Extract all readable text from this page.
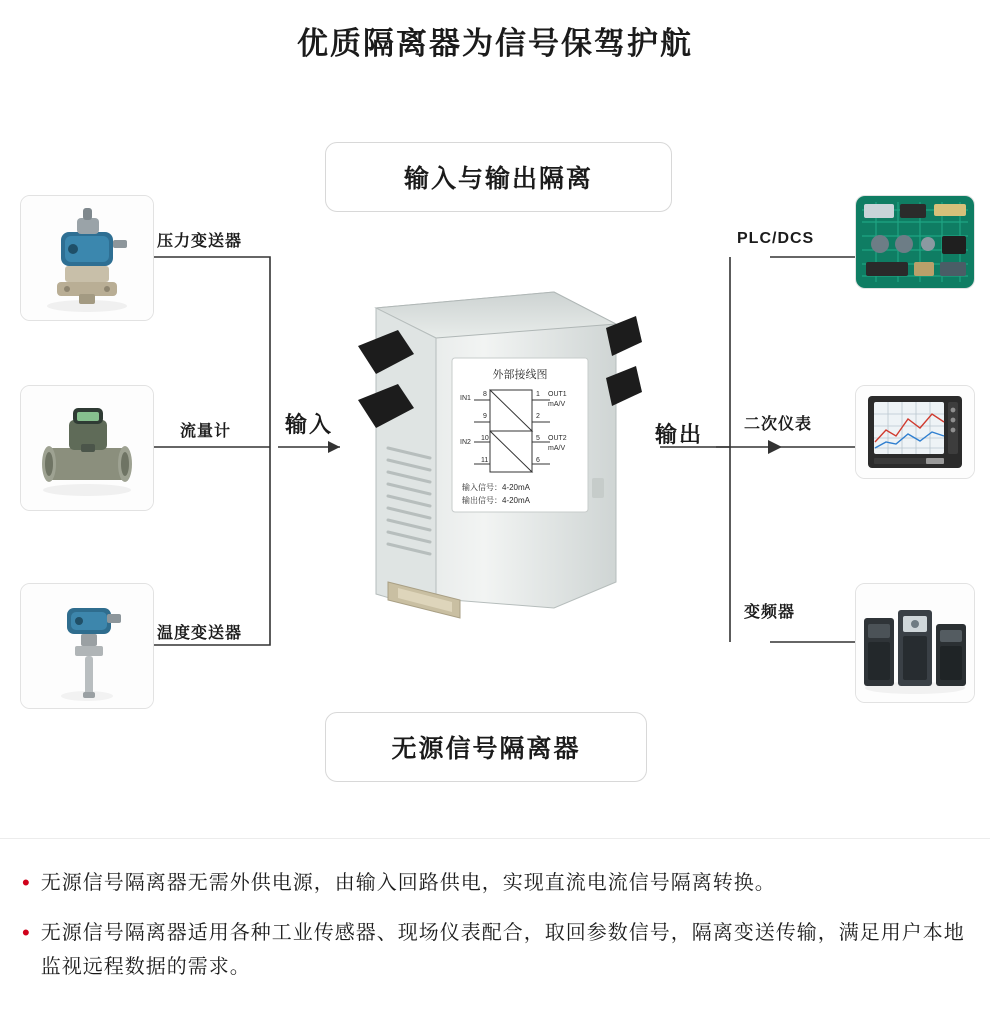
优质隔离器为信号保驾护航
输入与输出隔离
无源信号隔离器
压力变送器
流量计
温度变送器
PLC/DCS
二次仪表
变频器
输入	输出
外部接线图
IN1
8
9
IN2
10
11
1
2
5
6
OUT1
mA/V
OUT2
mA/V
输入信号：4-20mA
输出信号：4-20mA
• 无源信号隔离器无需外供电源，由输入回路供电，实现直流电流信号隔离转换。
• 无源信号隔离器适用各种工业传感器、现场仪表配合，取回参数信号，隔离变送传输，满足用户本地监视远程数据的需求。
